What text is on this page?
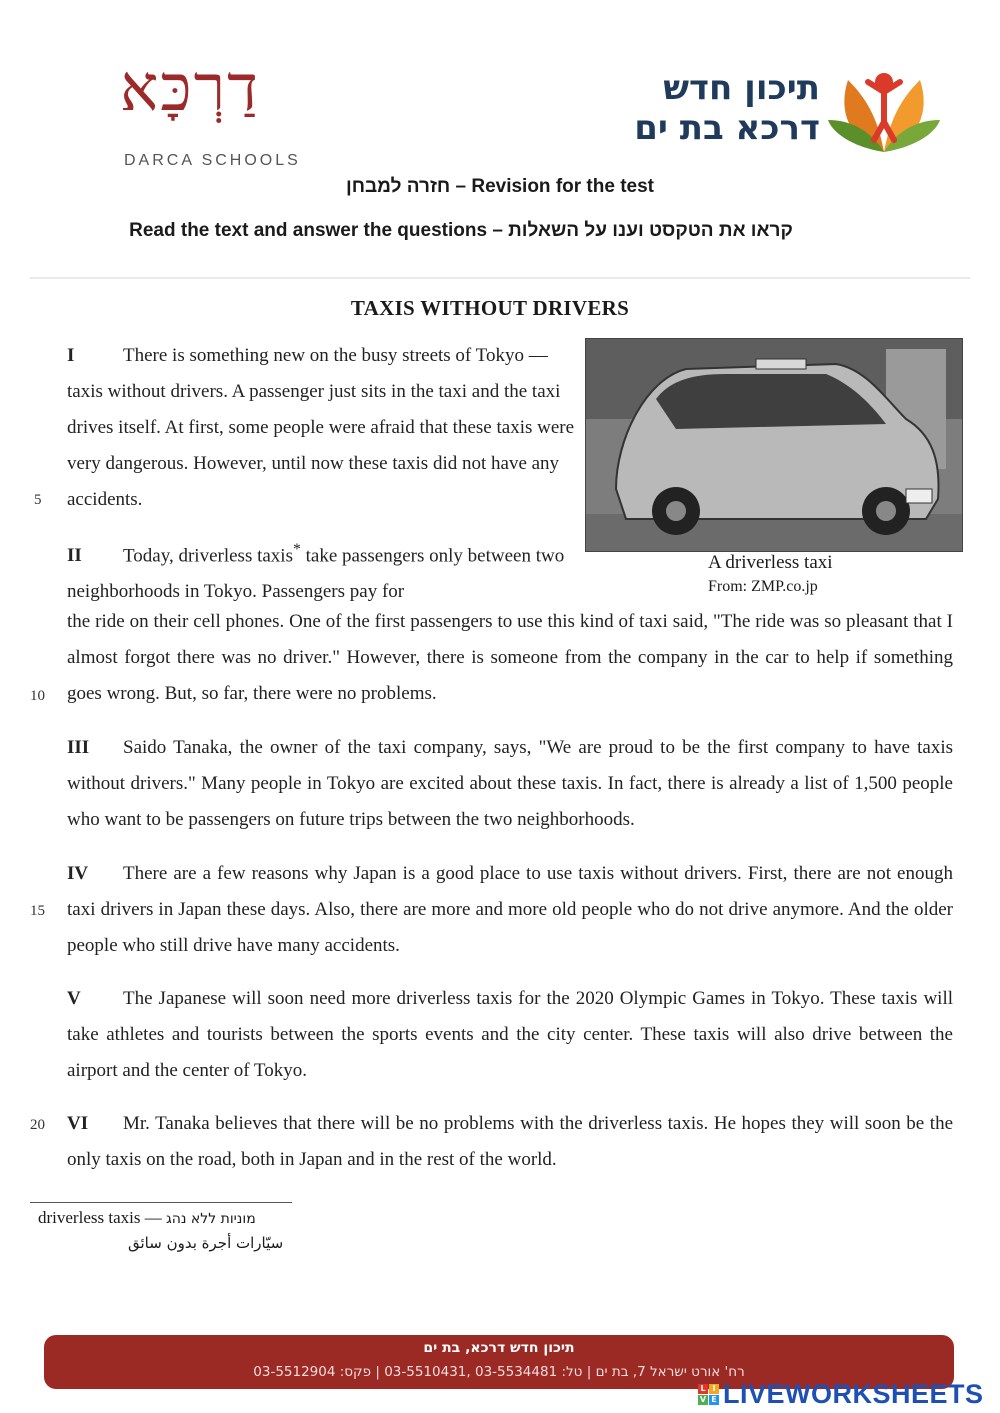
דַרְכָּא
DARCA SCHOOLS
תיכון חדש
דרכא בת ים
חזרה למבחן – Revision for the test
Read the text and answer the questions – קראו את הטקסט וענו על השאלות
TAXIS WITHOUT DRIVERS
I	There is something new on the busy streets of Tokyo — taxis without drivers. A passenger just sits in the taxi and the taxi drives itself. At first, some people were afraid that these taxis were very dangerous. However, until now these taxis did not have any accidents.
5
A driverless taxi
From: ZMP.co.jp
II Today, driverless taxis* take passengers only between two neighborhoods in Tokyo. Passengers pay for
the ride on their cell phones. One of the first passengers to use this kind of taxi said, "The ride was so pleasant that I almost forgot there was no driver." However, there is someone from the company in the car to help if something goes wrong. But, so far, there were no problems.
10
III Saido Tanaka, the owner of the taxi company, says, "We are proud to be the first company to have taxis without drivers." Many people in Tokyo are excited about these taxis. In fact, there is already a list of 1,500 people who want to be passengers on future trips between the two neighborhoods.
IV There are a few reasons why Japan is a good place to use taxis without drivers. First, there are not enough taxi drivers in Japan these days. Also, there are more and more old people who do not drive anymore. And the older people who still drive have many accidents.
15
V The Japanese will soon need more driverless taxis for the 2020 Olympic Games in Tokyo. These taxis will take athletes and tourists between the sports events and the city center. These taxis will also drive between the airport and the center of Tokyo.
VI Mr. Tanaka believes that there will be no problems with the driverless taxis. He hopes they will soon be the only taxis on the road, both in Japan and in the rest of the world.
20
driverless taxis — מוניות ללא נהג
سيّارات أجرة بدون سائق
תיכון חדש דרכא, בת ים
רח' אורט ישראל 7, בת ים | טל: 03-5534481 ,03-5510431 | פקס: 03-5512904
L I
V E LIVEWORKSHEETS
